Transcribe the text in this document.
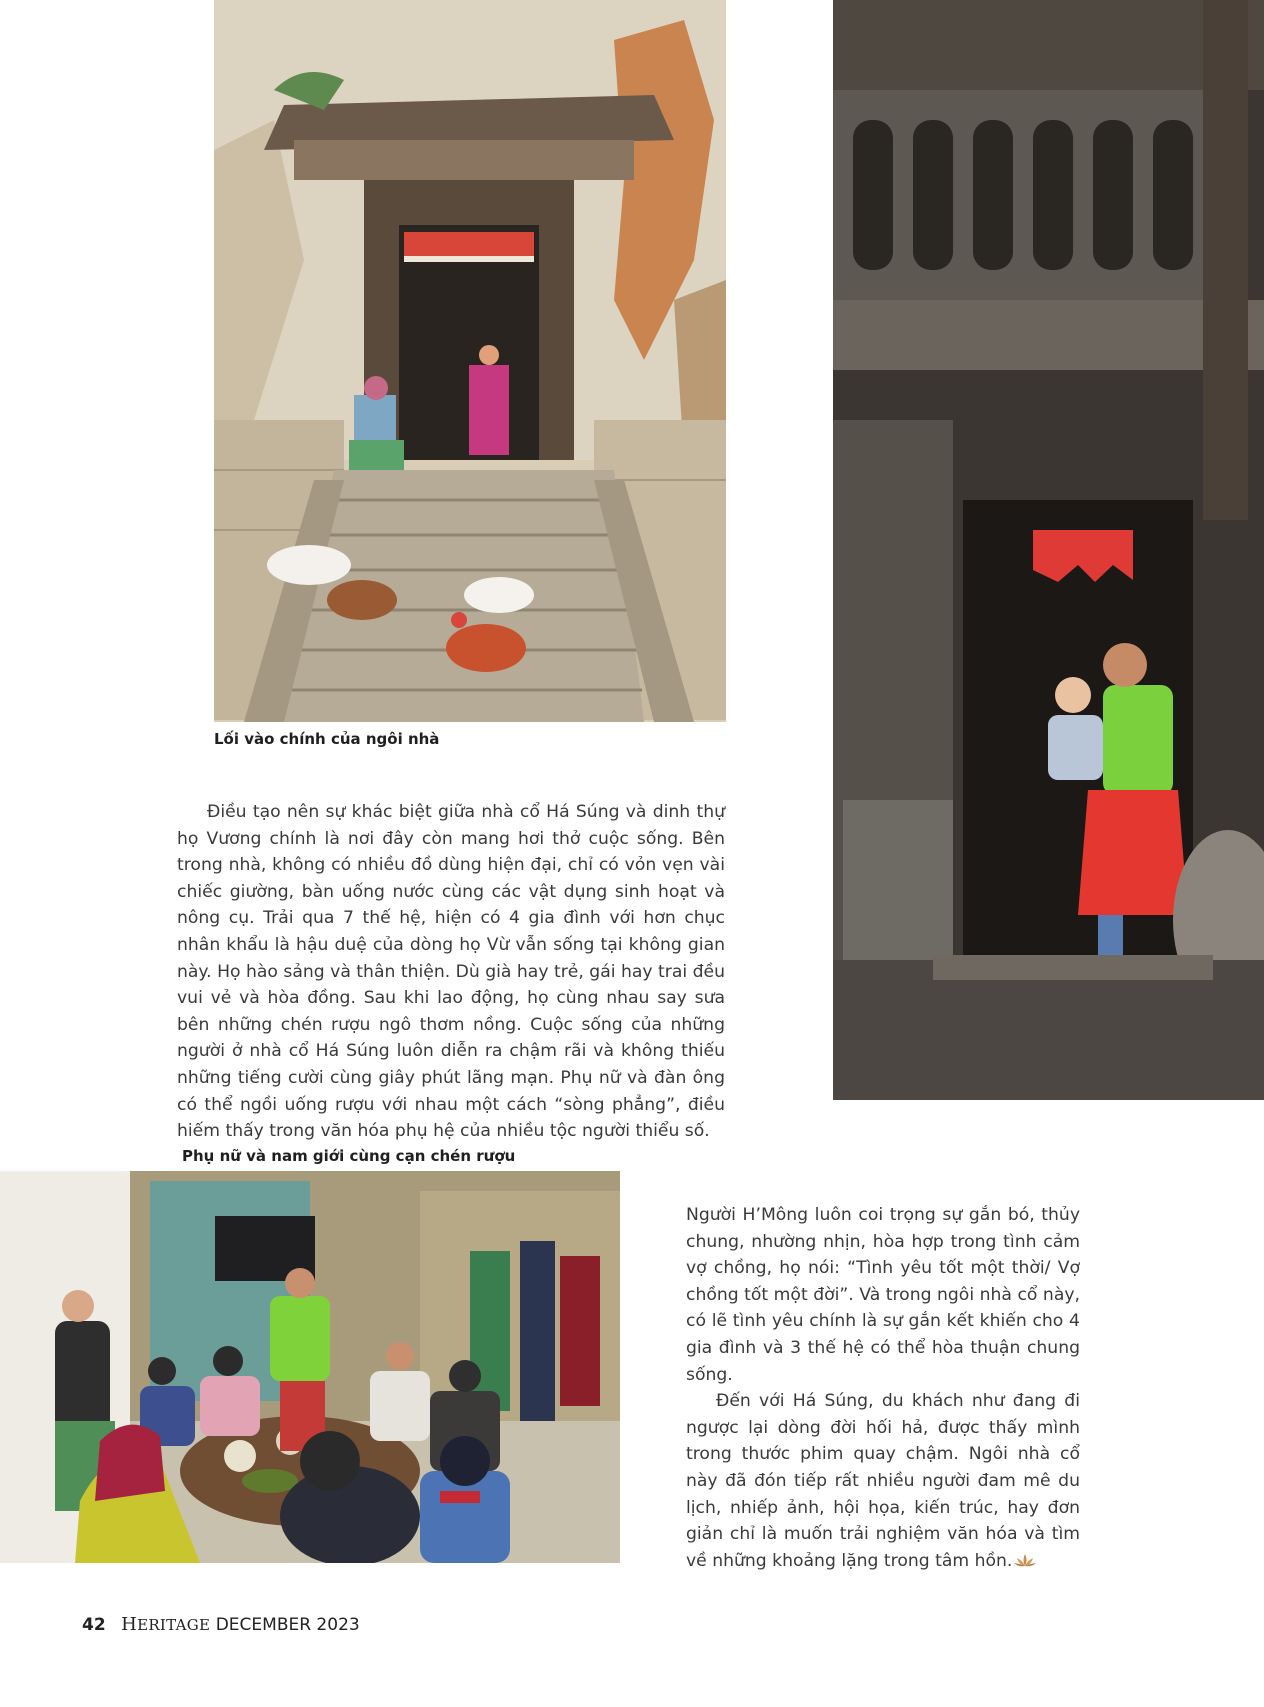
Lối vào chính của ngôi nhà

Điều tạo nên sự khác biệt giữa nhà cổ Há Súng và dinh thự họ Vương chính là nơi đây còn mang hơi thở cuộc sống. Bên trong nhà, không có nhiều đồ dùng hiện đại, chỉ có vỏn vẹn vài chiếc giường, bàn uống nước cùng các vật dụng sinh hoạt và nông cụ. Trải qua 7 thế hệ, hiện có 4 gia đình với hơn chục nhân khẩu là hậu duệ của dòng họ Vừ vẫn sống tại không gian này. Họ hào sảng và thân thiện. Dù già hay trẻ, gái hay trai đều vui vẻ và hòa đồng. Sau khi lao động, họ cùng nhau say sưa bên những chén rượu ngô thơm nồng. Cuộc sống của những người ở nhà cổ Há Súng luôn diễn ra chậm rãi và không thiếu những tiếng cười cùng giây phút lãng mạn. Phụ nữ và đàn ông có thể ngồi uống rượu với nhau một cách “sòng phẳng”, điều hiếm thấy trong văn hóa phụ hệ của nhiều tộc người thiểu số.

Phụ nữ và nam giới cùng cạn chén rượu

Người H’Mông luôn coi trọng sự gắn bó, thủy chung, nhường nhịn, hòa hợp trong tình cảm vợ chồng, họ nói: “Tình yêu tốt một thời/ Vợ chồng tốt một đời”. Và trong ngôi nhà cổ này, có lẽ tình yêu chính là sự gắn kết khiến cho 4 gia đình và 3 thế hệ có thể hòa thuận chung sống.

Đến với Há Súng, du khách như đang đi ngược lại dòng đời hối hả, được thấy mình trong thước phim quay chậm. Ngôi nhà cổ này đã đón tiếp rất nhiều người đam mê du lịch, nhiếp ảnh, hội họa, kiến trúc, hay đơn giản chỉ là muốn trải nghiệm văn hóa và tìm về những khoảng lặng trong tâm hồn.

42 HERITAGE DECEMBER 2023
